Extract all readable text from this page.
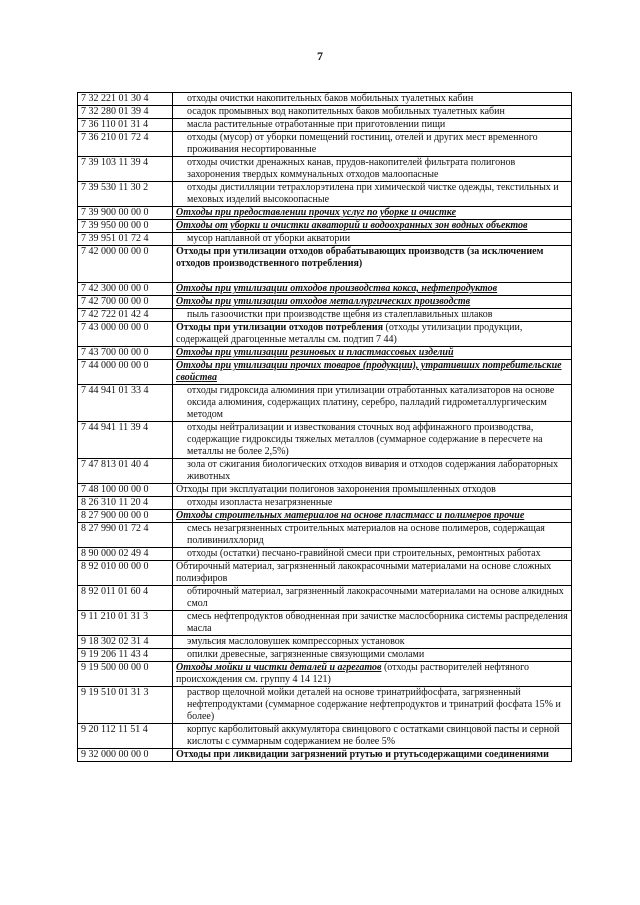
7
7 32 221 01 30 4	отходы очистки накопительных баков мобильных туалетных кабин
7 32 280 01 39 4	осадок промывных вод накопительных баков мобильных туалетных кабин
7 36 110 01 31 4	масла растительные отработанные при приготовлении пищи
7 36 210 01 72 4	отходы (мусор) от уборки помещений гостиниц, отелей и других мест временного проживания несортированные
7 39 103 11 39 4	отходы очистки дренажных канав, прудов-накопителей фильтрата полигонов захоронения твердых коммунальных отходов малоопасные
7 39 530 11 30 2	отходы дистилляции тетрахлорэтилена при химической чистке одежды, текстильных и меховых изделий высокоопасные
7 39 900 00 00 0	Отходы при предоставлении прочих услуг по уборке и очистке
7 39 950 00 00 0	Отходы от уборки и очистки акваторий и водоохранных зон водных объектов
7 39 951 01 72 4	мусор наплавной от уборки акватории
7 42 000 00 00 0	Отходы при утилизации отходов обрабатывающих производств (за исключением отходов производственного потребления)
7 42 300 00 00 0	Отходы при утилизации отходов производства кокса, нефтепродуктов
7 42 700 00 00 0	Отходы при утилизации отходов металлургических производств
7 42 722 01 42 4	пыль газоочистки при производстве щебня из сталеплавильных шлаков
7 43 000 00 00 0	Отходы при утилизации отходов потребления (отходы утилизации продукции, содержащей драгоценные металлы см. подтип 7 44)
7 43 700 00 00 0	Отходы при утилизации резиновых и пластмассовых изделий
7 44 000 00 00 0	Отходы при утилизации прочих товаров (продукции), утративших потребительские свойства
7 44 941 01 33 4	отходы гидроксида алюминия при утилизации отработанных катализаторов на основе оксида алюминия, содержащих платину, серебро, палладий гидрометаллургическим методом
7 44 941 11 39 4	отходы нейтрализации и известкования сточных вод аффинажного производства, содержащие гидроксиды тяжелых металлов (суммарное содержание в пересчете на металлы не более 2,5%)
7 47 813 01 40 4	зола от сжигания биологических отходов вивария и отходов содержания лабораторных животных
7 48 100 00 00 0	Отходы при эксплуатации полигонов захоронения промышленных отходов
8 26 310 11 20 4	отходы изопласта незагрязненные
8 27 900 00 00 0	Отходы строительных материалов на основе пластмасс и полимеров прочие
8 27 990 01 72 4	смесь незагрязненных строительных материалов на основе полимеров, содержащая поливинилхлорид
8 90 000 02 49 4	отходы (остатки) песчано-гравийной смеси при строительных, ремонтных работах
8 92 010 00 00 0	Обтирочный материал, загрязненный лакокрасочными материалами на основе сложных полиэфиров
8 92 011 01 60 4	обтирочный материал, загрязненный лакокрасочными материалами на основе алкидных смол
9 11 210 01 31 3	смесь нефтепродуктов обводненная при зачистке маслосборника системы распределения масла
9 18 302 02 31 4	эмульсия маслоловушек компрессорных установок
9 19 206 11 43 4	опилки древесные, загрязненные связующими смолами
9 19 500 00 00 0	Отходы мойки и чистки деталей и агрегатов (отходы растворителей нефтяного происхождения см. группу 4 14 121)
9 19 510 01 31 3	раствор щелочной мойки деталей на основе тринатрийфосфата, загрязненный нефтепродуктами (суммарное содержание нефтепродуктов и тринатрий фосфата 15% и более)
9 20 112 11 51 4	корпус карболитовый аккумулятора свинцового с остатками свинцовой пасты и серной кислоты с суммарным содержанием не более 5%
9 32 000 00 00 0	Отходы при ликвидации загрязнений ртутью и ртутьсодержащими соединениями
